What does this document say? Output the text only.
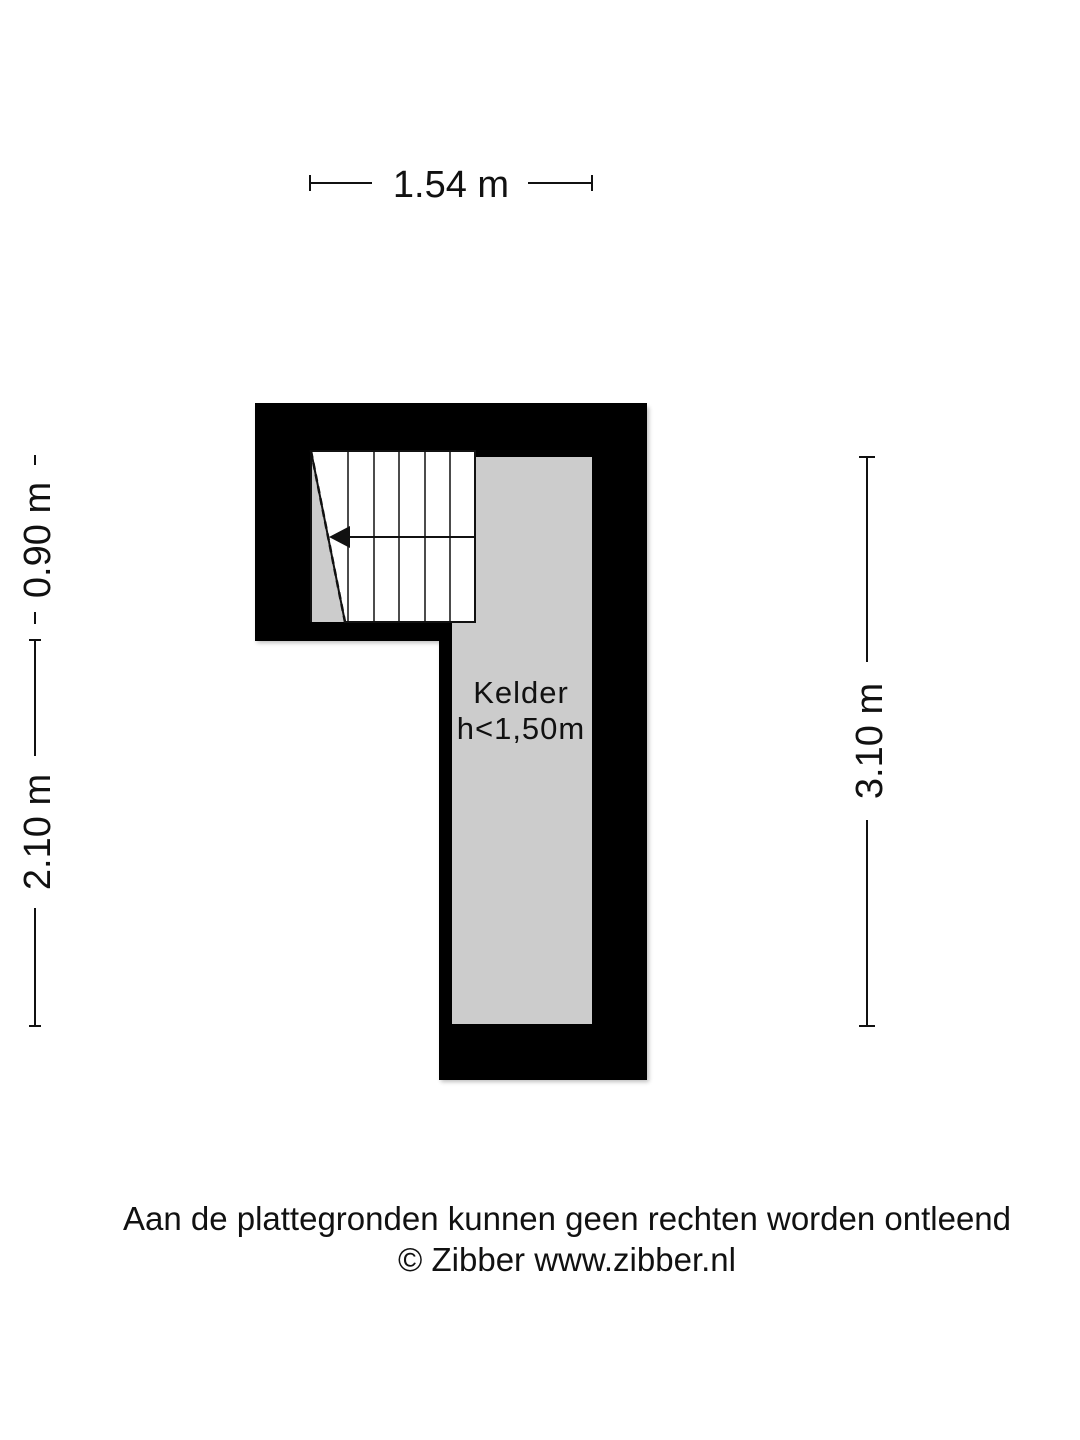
1.54 m
0.90 m
2.10 m
3.10 m
Kelder
h<1,50m
Aan de plattegronden kunnen geen rechten worden ontleend
© Zibber www.zibber.nl
